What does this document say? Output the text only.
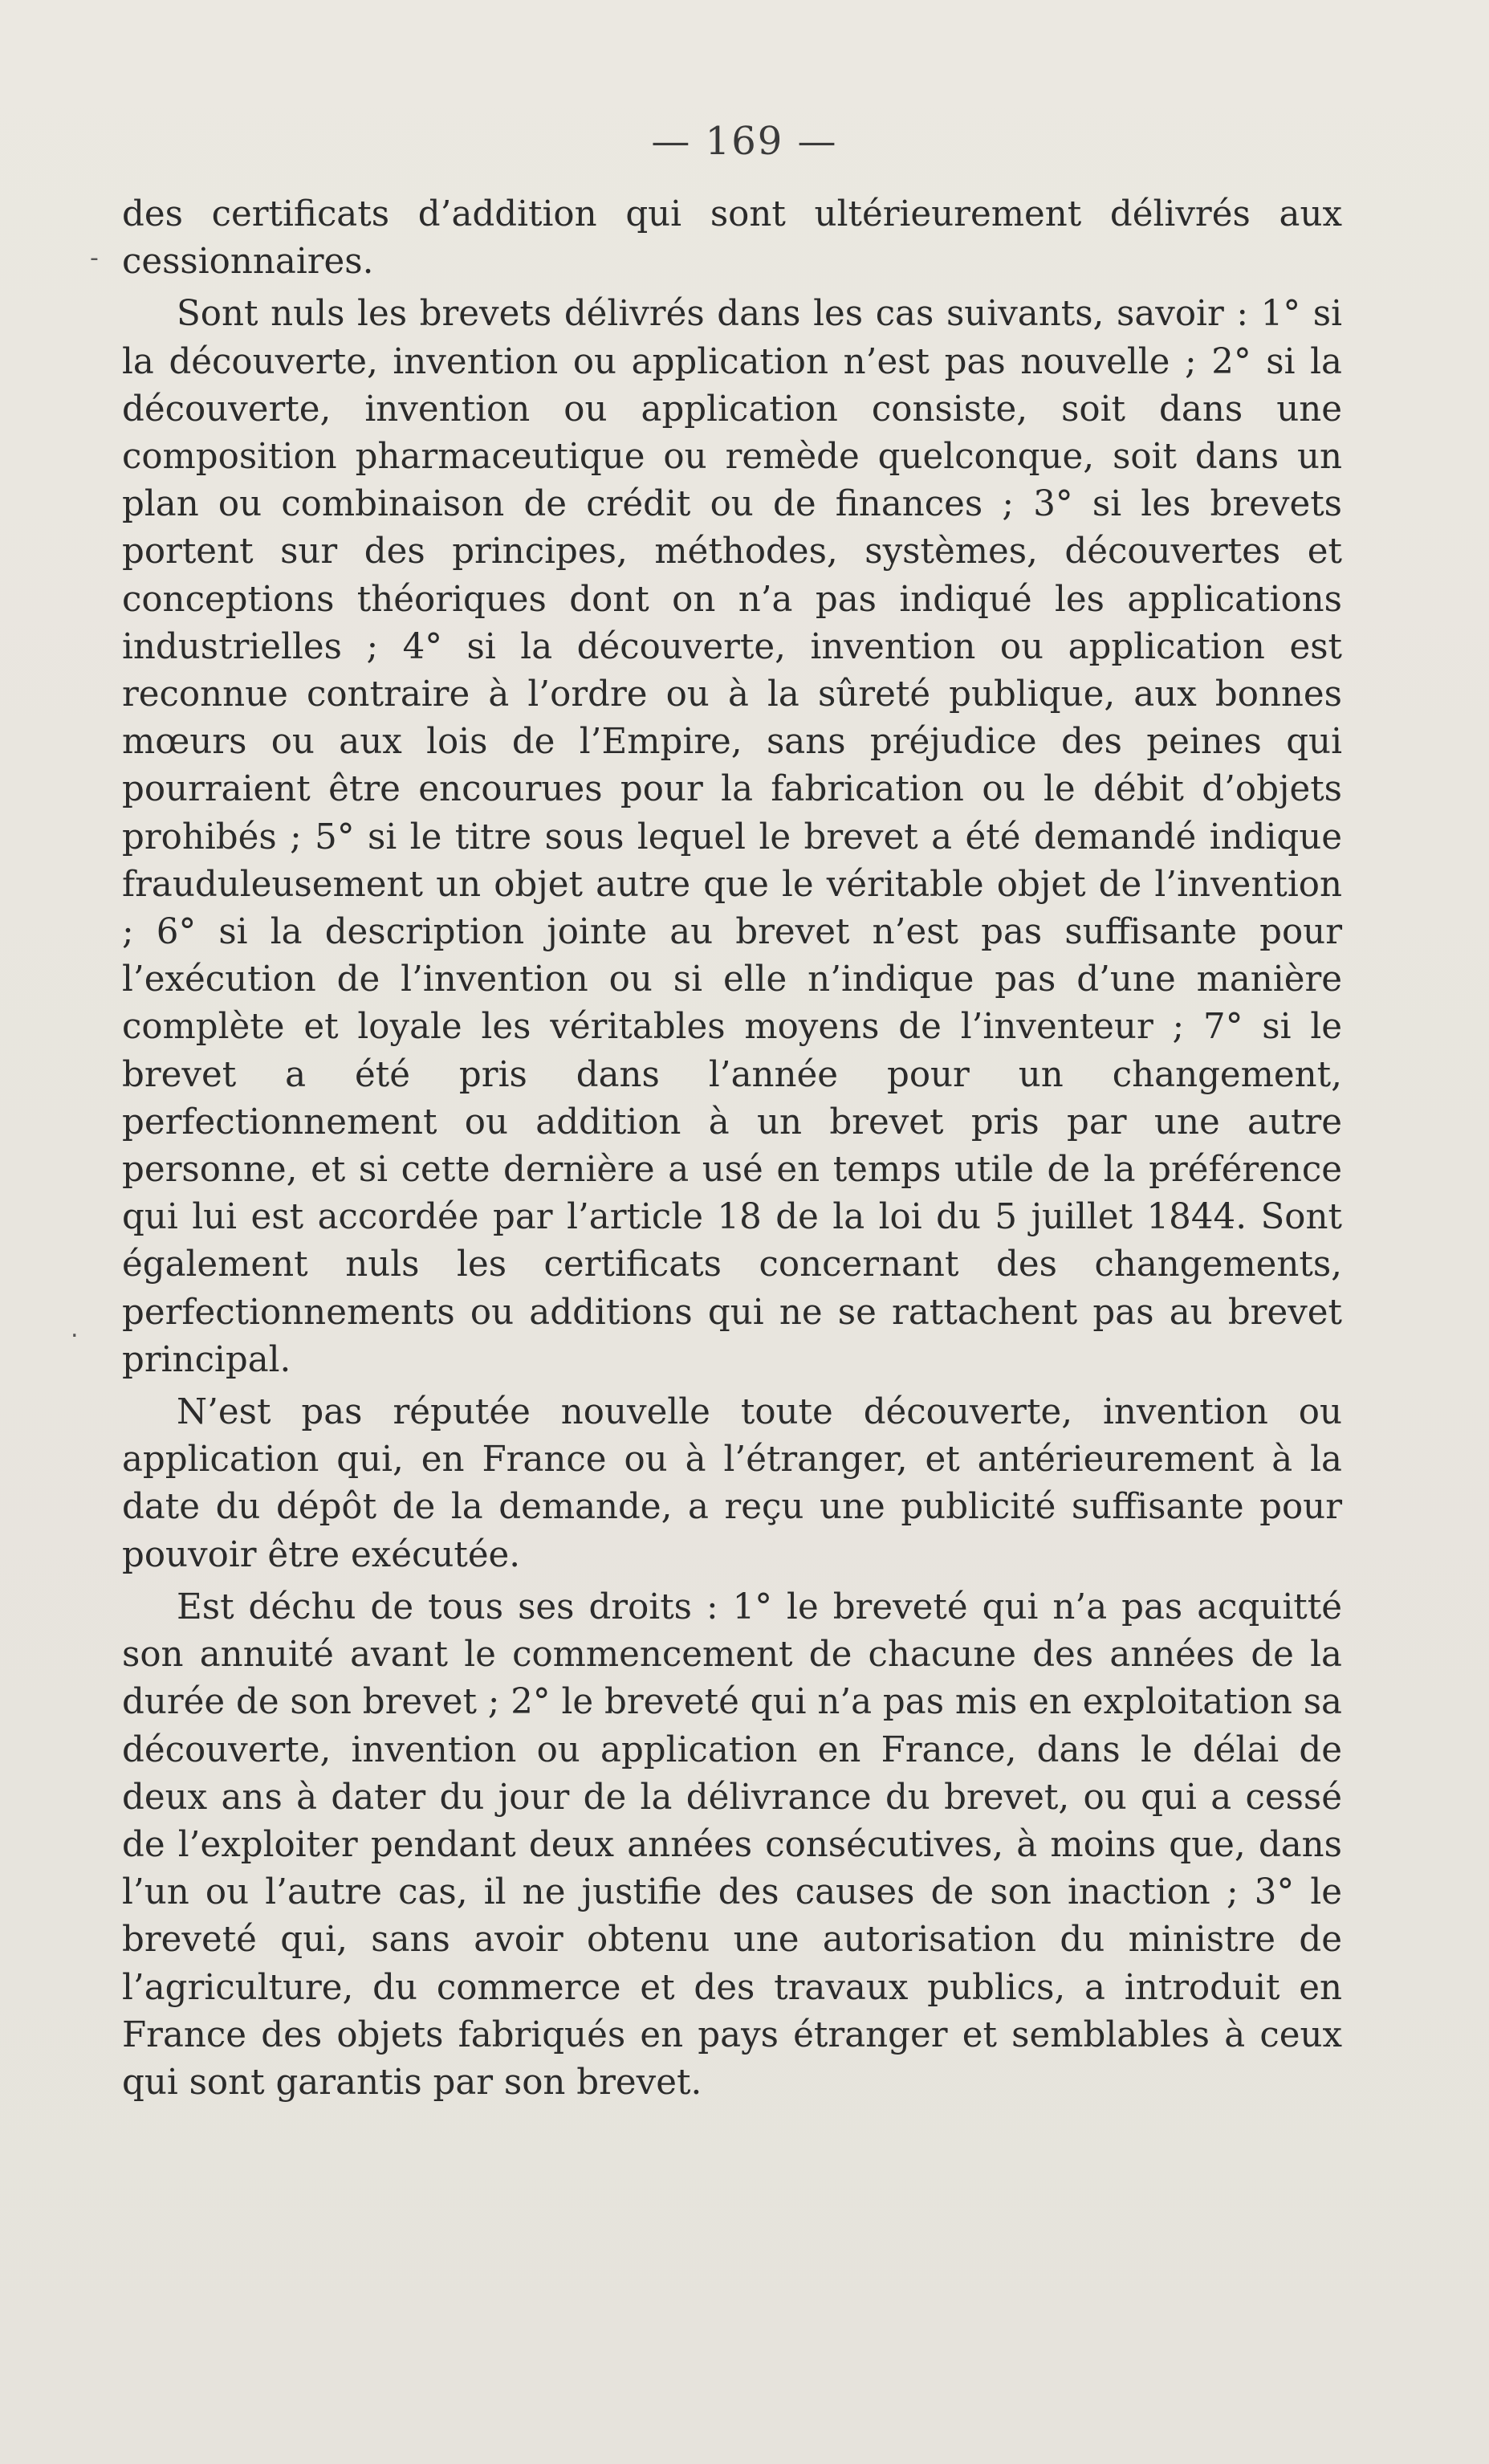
— 169 —
-
.

des certificats d’addition qui sont ultérieurement délivrés aux cessionnaires.

Sont nuls les brevets délivrés dans les cas suivants, savoir : 1° si la découverte, invention ou application n’est pas nouvelle ; 2° si la découverte, invention ou application consiste, soit dans une composition pharmaceutique ou remède quelconque, soit dans un plan ou combinaison de crédit ou de finances ; 3° si les brevets portent sur des principes, méthodes, systèmes, découvertes et conceptions théoriques dont on n’a pas indiqué les applications industrielles ; 4° si la découverte, invention ou application est reconnue contraire à l’ordre ou à la sûreté publique, aux bonnes mœurs ou aux lois de l’Empire, sans préjudice des peines qui pourraient être encourues pour la fabrication ou le débit d’objets prohibés ; 5° si le titre sous lequel le brevet a été demandé indique frauduleusement un objet autre que le véritable objet de l’invention ; 6° si la description jointe au brevet n’est pas suffisante pour l’exécution de l’invention ou si elle n’indique pas d’une manière complète et loyale les véritables moyens de l’inventeur ; 7° si le brevet a été pris dans l’année pour un changement, perfectionnement ou addition à un brevet pris par une autre personne, et si cette dernière a usé en temps utile de la préférence qui lui est accordée par l’article 18 de la loi du 5 juillet 1844. Sont également nuls les certificats concernant des changements, perfectionnements ou additions qui ne se rattachent pas au brevet principal.

N’est pas réputée nouvelle toute découverte, invention ou application qui, en France ou à l’étranger, et antérieurement à la date du dépôt de la demande, a reçu une publicité suffisante pour pouvoir être exécutée.

Est déchu de tous ses droits : 1° le breveté qui n’a pas acquitté son annuité avant le commencement de chacune des années de la durée de son brevet ; 2° le breveté qui n’a pas mis en exploitation sa découverte, invention ou application en France, dans le délai de deux ans à dater du jour de la délivrance du brevet, ou qui a cessé de l’exploiter pendant deux années consécutives, à moins que, dans l’un ou l’autre cas, il ne justifie des causes de son inaction ; 3° le breveté qui, sans avoir obtenu une autorisation du ministre de l’agriculture, du commerce et des travaux publics, a introduit en France des objets fabriqués en pays étranger et semblables à ceux qui sont garantis par son brevet.
